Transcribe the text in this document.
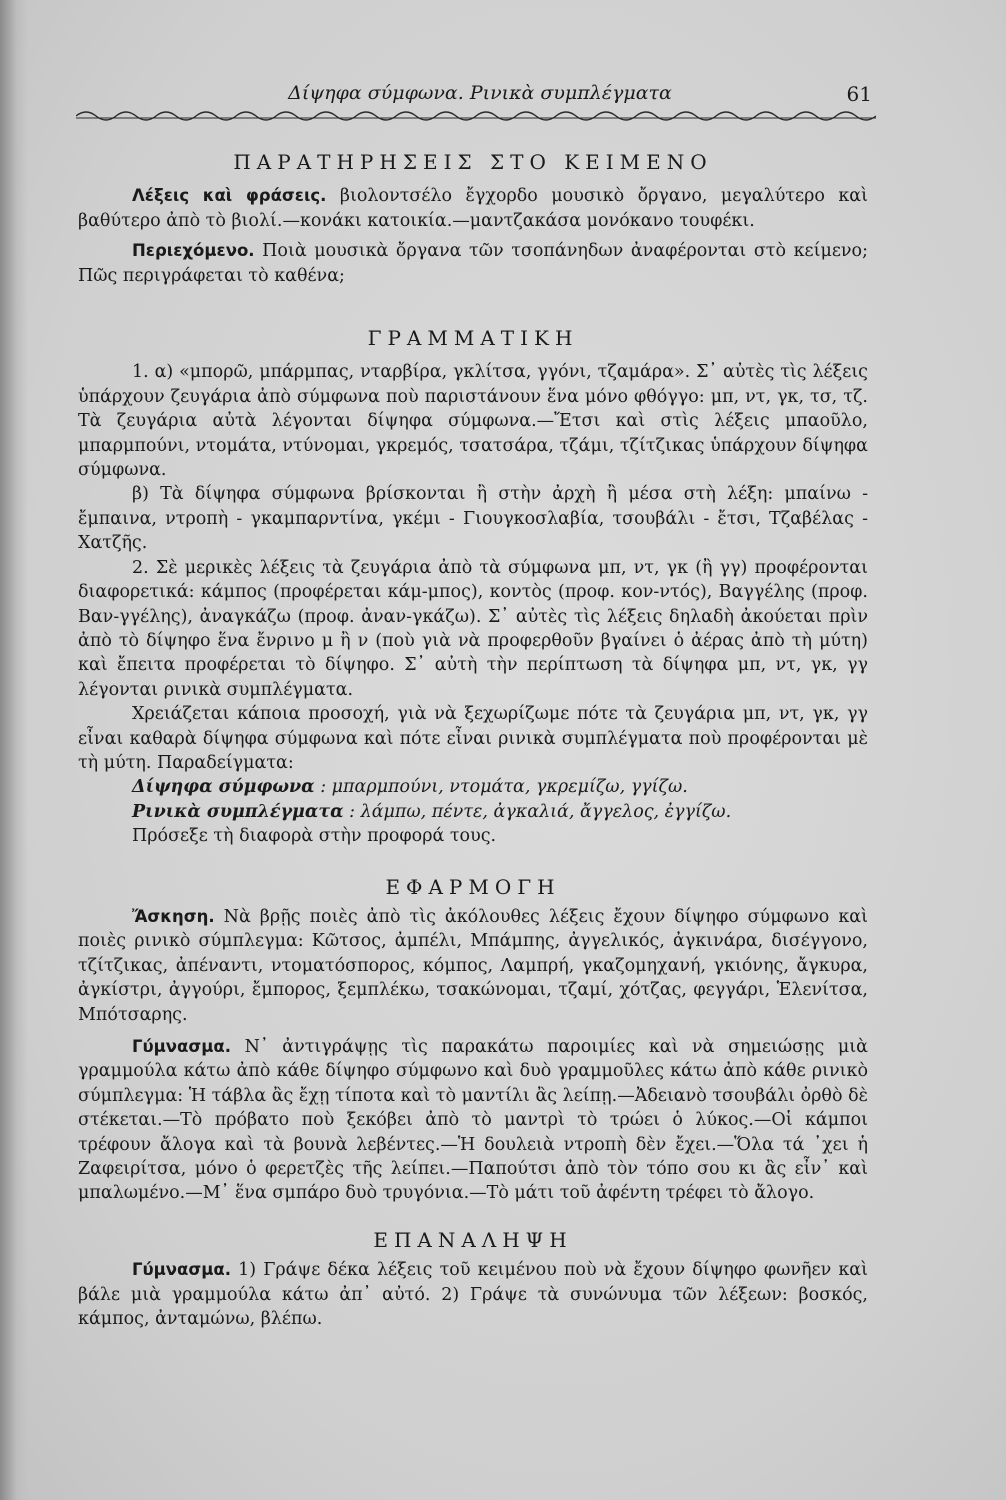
Δίψηφα σύμφωνα. Ρινικὰ συμπλέγματα	61
ΠΑΡΑΤΗΡΗΣΕΙΣ ΣΤΟ ΚΕΙΜΕΝΟ

Λέξεις καὶ φράσεις. βιολοντσέλο ἔγχορδο μουσικὸ ὄργανο, μεγαλύτερο καὶ βαθύτερο ἀπὸ τὸ βιολί.—κονάκι κατοικία.—μαντζακάσα μονόκανο τουφέκι.

Περιεχόμενο. Ποιὰ μουσικὰ ὄργανα τῶν τσοπάνηδων ἀναφέρονται στὸ κείμενο; Πῶς περιγράφεται τὸ καθένα;

ΓΡΑΜΜΑΤΙΚΗ

1. α) «μπορῶ, μπάρμπας, νταρβίρα, γκλίτσα, γγόνι, τζαμάρα». Σ᾽ αὐτὲς τὶς λέξεις ὑπάρχουν ζευγάρια ἀπὸ σύμφωνα ποὺ παριστάνουν ἕνα μόνο φθόγγο: μπ, ντ, γκ, τσ, τζ. Τὰ ζευγάρια αὐτὰ λέγονται δίψηφα σύμφωνα.—Ἔτσι καὶ στὶς λέξεις μπαοῦλο, μπαρμπούνι, ντομάτα, ντύνομαι, γκρεμός, τσατσάρα, τζάμι, τζίτζικας ὑπάρχουν δίψηφα σύμφωνα.

β) Τὰ δίψηφα σύμφωνα βρίσκονται ἢ στὴν ἀρχὴ ἢ μέσα στὴ λέξη: μπαίνω - ἔμπαινα, ντροπὴ - γκαμπαρντίνα, γκέμι - Γιουγκοσλαβία, τσουβάλι - ἔτσι, Τζαβέλας - Χατζῆς.

2. Σὲ μερικὲς λέξεις τὰ ζευγάρια ἀπὸ τὰ σύμφωνα μπ, ντ, γκ (ἢ γγ) προφέρονται διαφορετικά: κάμπος (προφέρεται κάμ-μπος), κοντὸς (προφ. κον-ντός), Βαγγέλης (προφ. Βαν-γγέλης), ἀναγκάζω (προφ. ἀναν-γκάζω). Σ᾽ αὐτὲς τὶς λέξεις δηλαδὴ ἀκούεται πρὶν ἀπὸ τὸ δίψηφο ἕνα ἔνρινο μ ἢ ν (ποὺ γιὰ νὰ προφερθοῦν βγαίνει ὁ ἀέρας ἀπὸ τὴ μύτη) καὶ ἔπειτα προφέρεται τὸ δίψηφο. Σ᾽ αὐτὴ τὴν περίπτωση τὰ δίψηφα μπ, ντ, γκ, γγ λέγονται ρινικὰ συμπλέγματα.

Χρειάζεται κάποια προσοχή, γιὰ νὰ ξεχωρίζωμε πότε τὰ ζευγάρια μπ, ντ, γκ, γγ εἶναι καθαρὰ δίψηφα σύμφωνα καὶ πότε εἶναι ρινικὰ συμπλέγματα ποὺ προφέρονται μὲ τὴ μύτη. Παραδείγματα:

Δίψηφα σύμφωνα : μπαρμπούνι, ντομάτα, γκρεμίζω, γγίζω.
Ρινικὰ συμπλέγματα : λάμπω, πέντε, ἀγκαλιά, ἄγγελος, ἐγγίζω.
Πρόσεξε τὴ διαφορὰ στὴν προφορά τους.
ΕΦΑΡΜΟΓΗ

Ἄσκηση. Νὰ βρῇς ποιὲς ἀπὸ τὶς ἀκόλουθες λέξεις ἔχουν δίψηφο σύμφωνο καὶ ποιὲς ρινικὸ σύμπλεγμα: Κῶτσος, ἀμπέλι, Μπάμπης, ἀγγελικός, ἀγκινάρα, δισέγγονο, τζίτζικας, ἀπέναντι, ντοματόσπορος, κόμπος, Λαμπρή, γκαζομηχανή, γκιόνης, ἄγκυρα, ἀγκίστρι, ἀγγούρι, ἔμπορος, ξεμπλέκω, τσακώνομαι, τζαμί, χότζας, φεγγάρι, Ἑλενίτσα, Μπότσαρης.

Γύμνασμα. Ν᾽ ἀντιγράψῃς τὶς παρακάτω παροιμίες καὶ νὰ σημειώσῃς μιὰ γραμμούλα κάτω ἀπὸ κάθε δίψηφο σύμφωνο καὶ δυὸ γραμμοῦλες κάτω ἀπὸ κάθε ρινικὸ σύμπλεγμα: Ἡ τάβλα ἂς ἔχῃ τίποτα καὶ τὸ μαντίλι ἂς λείπῃ.—Ἀδειανὸ τσουβάλι ὀρθὸ δὲ στέκεται.—Τὸ πρόβατο ποὺ ξεκόβει ἀπὸ τὸ μαντρὶ τὸ τρώει ὁ λύκος.—Οἱ κάμποι τρέφουν ἄλογα καὶ τὰ βουνὰ λεβέντες.—Ἡ δουλειὰ ντροπὴ δὲν ἔχει.—Ὅλα τά ᾽χει ἡ Ζαφειρίτσα, μόνο ὁ φερετζὲς τῆς λείπει.—Παπούτσι ἀπὸ τὸν τόπο σου κι ἂς εἶν᾽ καὶ μπαλωμένο.—Μ᾽ ἕνα σμπάρο δυὸ τρυγόνια.—Τὸ μάτι τοῦ ἀφέντη τρέφει τὸ ἄλογο.

ΕΠΑΝΑΛΗΨΗ

Γύμνασμα. 1) Γράψε δέκα λέξεις τοῦ κειμένου ποὺ νὰ ἔχουν δίψηφο φωνῆεν καὶ βάλε μιὰ γραμμούλα κάτω ἀπ᾽ αὐτό. 2) Γράψε τὰ συνώνυμα τῶν λέξεων: βοσκός, κάμπος, ἀνταμώνω, βλέπω.
